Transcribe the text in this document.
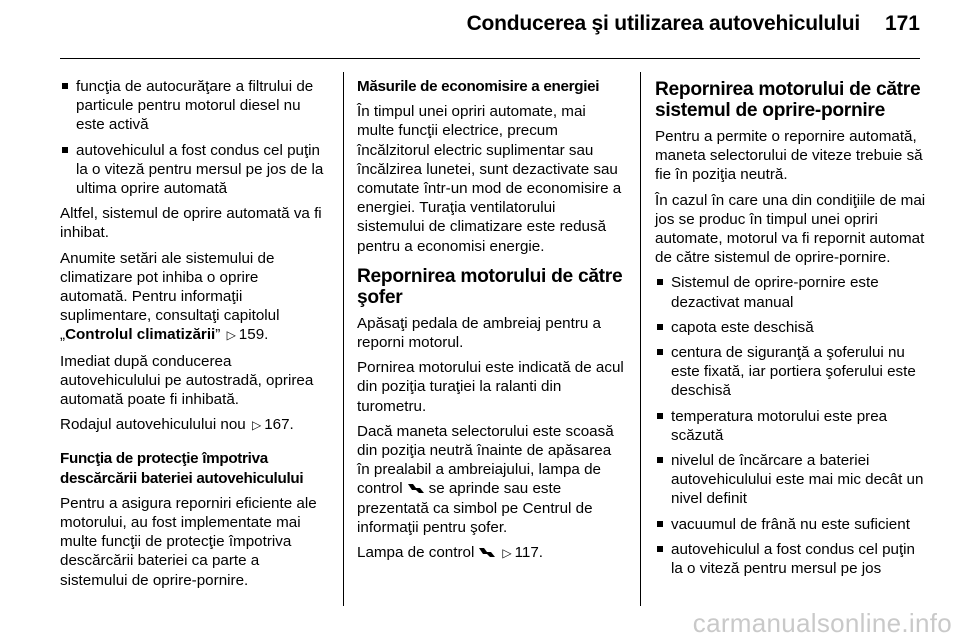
Conducerea şi utilizarea autovehiculului 171
funcţia de autocurăţare a filtrului de particule pentru motorul diesel nu este activă
autovehiculul a fost condus cel puţin la o viteză pentru mersul pe jos de la ultima oprire automată

Altfel, sistemul de oprire automată va fi inhibat.

Anumite setări ale sistemului de climatizare pot inhiba o oprire automată. Pentru informaţii suplimentare, consultaţi capitolul „Controlul climatizării” ▷ 159.

Imediat după conducerea autovehiculului pe autostradă, oprirea automată poate fi inhibată.

Rodajul autovehiculului nou ▷ 167.

Funcţia de protecţie împotriva descărcării bateriei autovehiculului

Pentru a asigura reporniri eficiente ale motorului, au fost implementate mai multe funcţii de protecţie împotriva descărcării bateriei ca parte a sistemului de oprire-pornire.

Măsurile de economisire a energiei

În timpul unei opriri automate, mai multe funcţii electrice, precum încălzitorul electric suplimentar sau încălzirea lunetei, sunt dezactivate sau comutate într-un mod de economisire a energiei. Turaţia ventilatorului sistemului de climatizare este redusă pentru a economisi energie.

Repornirea motorului de către şofer

Apăsaţi pedala de ambreiaj pentru a reporni motorul.

Pornirea motorului este indicată de acul din poziţia turaţiei la ralanti din turometru.

Dacă maneta selectorului este scoasă din poziţia neutră înainte de apăsarea în prealabil a ambreiajului, lampa de control se aprinde sau este prezentată ca simbol pe Centrul de informaţii pentru şofer.

Lampa de control ▷ 117.

Repornirea motorului de către sistemul de oprire-pornire

Pentru a permite o repornire automată, maneta selectorului de viteze trebuie să fie în poziţia neutră.

În cazul în care una din condiţiile de mai jos se produc în timpul unei opriri automate, motorul va fi repornit automat de către sistemul de oprire-pornire.

Sistemul de oprire-pornire este dezactivat manual
capota este deschisă
centura de siguranţă a şoferului nu este fixată, iar portiera şoferului este deschisă
temperatura motorului este prea scăzută
nivelul de încărcare a bateriei autovehiculului este mai mic decât un nivel definit
vacuumul de frână nu este suficient
autovehiculul a fost condus cel puţin la o viteză pentru mersul pe jos
carmanualsonline.info
